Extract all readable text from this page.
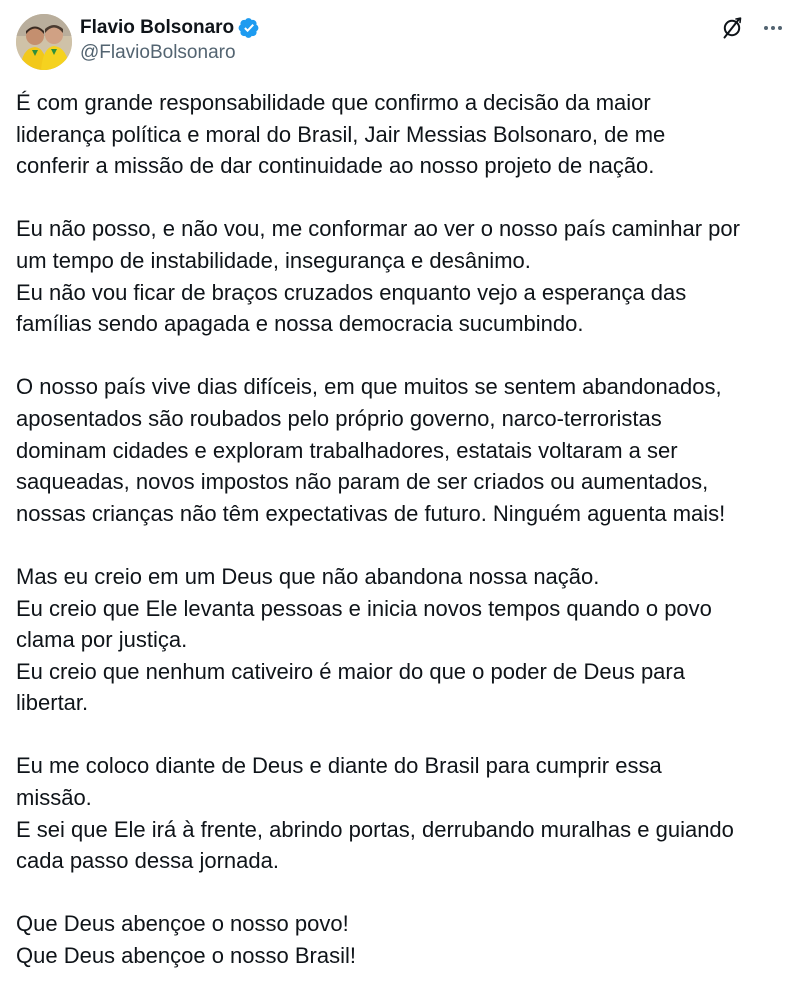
Flavio Bolsonaro
@FlavioBolsonaro
É com grande responsabilidade que confirmo a decisão da maior
liderança política e moral do Brasil, Jair Messias Bolsonaro, de me
conferir a missão de dar continuidade ao nosso projeto de nação.
Eu não posso, e não vou, me conformar ao ver o nosso país caminhar por
um tempo de instabilidade, insegurança e desânimo.
Eu não vou ficar de braços cruzados enquanto vejo a esperança das
famílias sendo apagada e nossa democracia sucumbindo.
O nosso país vive dias difíceis, em que muitos se sentem abandonados,
aposentados são roubados pelo próprio governo, narco-terroristas
dominam cidades e exploram trabalhadores, estatais voltaram a ser
saqueadas, novos impostos não param de ser criados ou aumentados,
nossas crianças não têm expectativas de futuro. Ninguém aguenta mais!
Mas eu creio em um Deus que não abandona nossa nação.
Eu creio que Ele levanta pessoas e inicia novos tempos quando o povo
clama por justiça.
Eu creio que nenhum cativeiro é maior do que o poder de Deus para
libertar.
Eu me coloco diante de Deus e diante do Brasil para cumprir essa
missão.
E sei que Ele irá à frente, abrindo portas, derrubando muralhas e guiando
cada passo dessa jornada.
Que Deus abençoe o nosso povo!
Que Deus abençoe o nosso Brasil!
